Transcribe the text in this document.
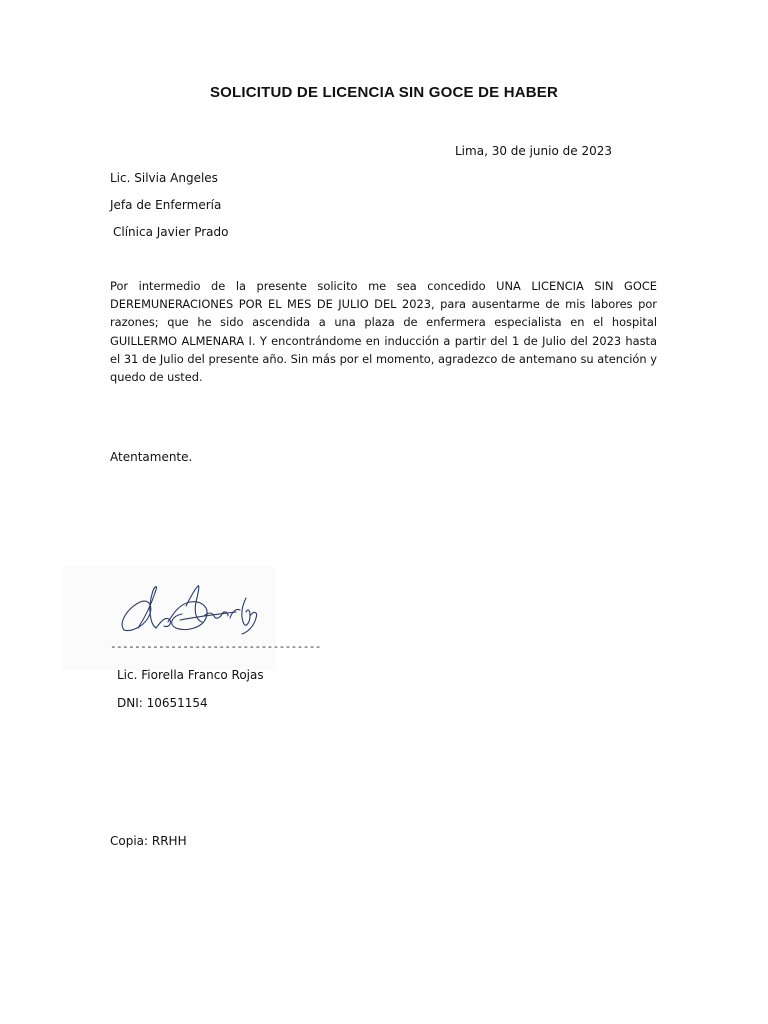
SOLICITUD DE LICENCIA SIN GOCE DE HABER
Lima, 30 de junio de 2023
Lic. Silvia Angeles
Jefa de Enfermería
Clínica Javier Prado
Por intermedio de la presente solicito me sea concedido UNA LICENCIA SIN GOCE DEREMUNERACIONES POR EL MES DE JULIO DEL 2023, para ausentarme de mis labores por razones; que he sido ascendida a una plaza de enfermera especialista en el hospital GUILLERMO ALMENARA I. Y encontrándome en inducción a partir del 1 de Julio del 2023 hasta el 31 de Julio del presente año. Sin más por el momento, agradezco de antemano su atención y quedo de usted.
Atentamente.
-----------------------------------
Lic. Fiorella Franco Rojas
DNI: 10651154
Copia: RRHH
